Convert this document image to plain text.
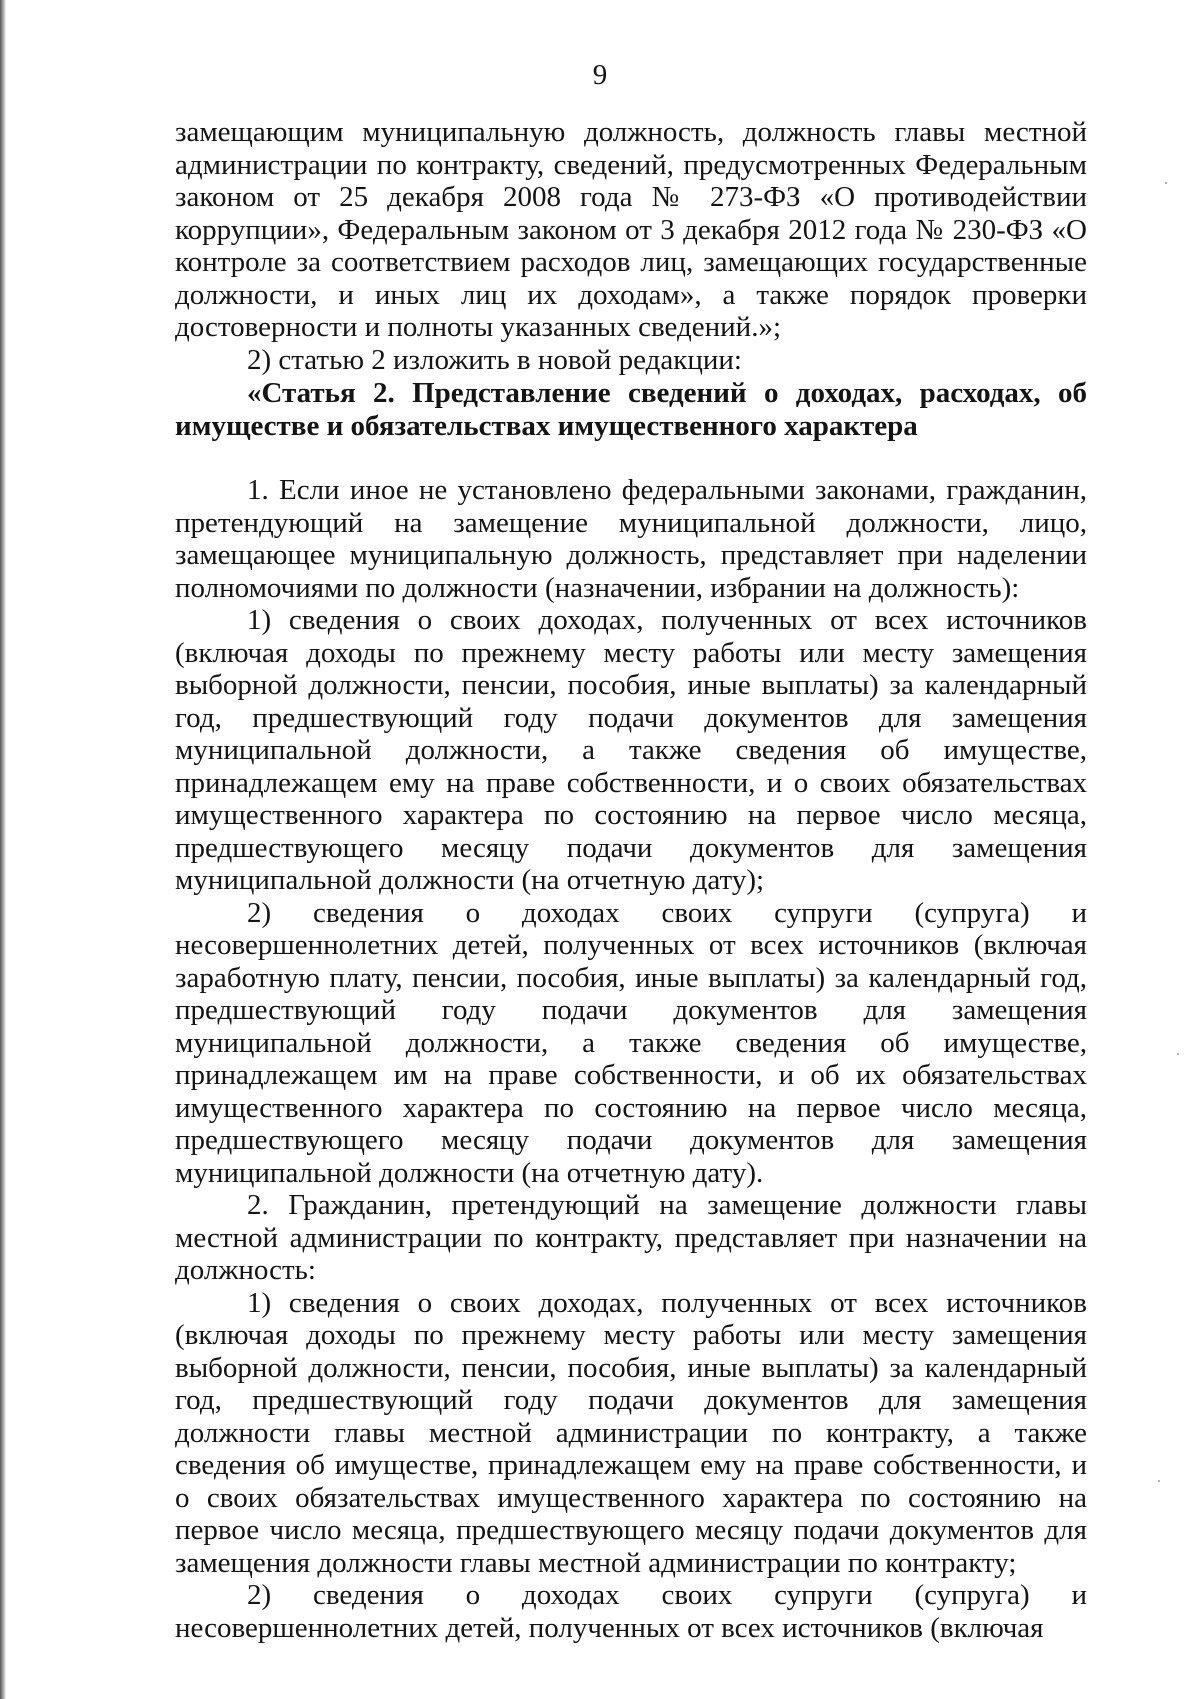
9

замещающим муниципальную должность, должность главы местной администрации по контракту, сведений, предусмотренных Федеральным законом от 25 декабря 2008 года № 273-ФЗ «О противодействии коррупции», Федеральным законом от 3 декабря 2012 года № 230-ФЗ «О контроле за соответствием расходов лиц, замещающих государственные должности, и иных лиц их доходам», а также порядок проверки достоверности и полноты указанных сведений.»;

2) статью 2 изложить в новой редакции:

«Статья 2. Представление сведений о доходах, расходах, об имуществе и обязательствах имущественного характера

1. Если иное не установлено федеральными законами, гражданин, претендующий на замещение муниципальной должности, лицо, замещающее муниципальную должность, представляет при наделении полномочиями по должности (назначении, избрании на должность):

1) сведения о своих доходах, полученных от всех источников (включая доходы по прежнему месту работы или месту замещения выборной должности, пенсии, пособия, иные выплаты) за календарный год, предшествующий году подачи документов для замещения муниципальной должности, а также сведения об имуществе, принадлежащем ему на праве собственности, и о своих обязательствах имущественного характера по состоянию на первое число месяца, предшествующего месяцу подачи документов для замещения муниципальной должности (на отчетную дату);

2) сведения о доходах своих супруги (супруга) и несовершеннолетних детей, полученных от всех источников (включая заработную плату, пенсии, пособия, иные выплаты) за календарный год, предшествующий году подачи документов для замещения муниципальной должности, а также сведения об имуществе, принадлежащем им на праве собственности, и об их обязательствах имущественного характера по состоянию на первое число месяца, предшествующего месяцу подачи документов для замещения муниципальной должности (на отчетную дату).

2. Гражданин, претендующий на замещение должности главы местной администрации по контракту, представляет при назначении на должность:

1) сведения о своих доходах, полученных от всех источников (включая доходы по прежнему месту работы или месту замещения выборной должности, пенсии, пособия, иные выплаты) за календарный год, предшествующий году подачи документов для замещения должности главы местной администрации по контракту, а также сведения об имуществе, принадлежащем ему на праве собственности, и о своих обязательствах имущественного характера по состоянию на первое число месяца, предшествующего месяцу подачи документов для замещения должности главы местной администрации по контракту;

2) сведения о доходах своих супруги (супруга) и несовершеннолетних детей, полученных от всех источников (включая
